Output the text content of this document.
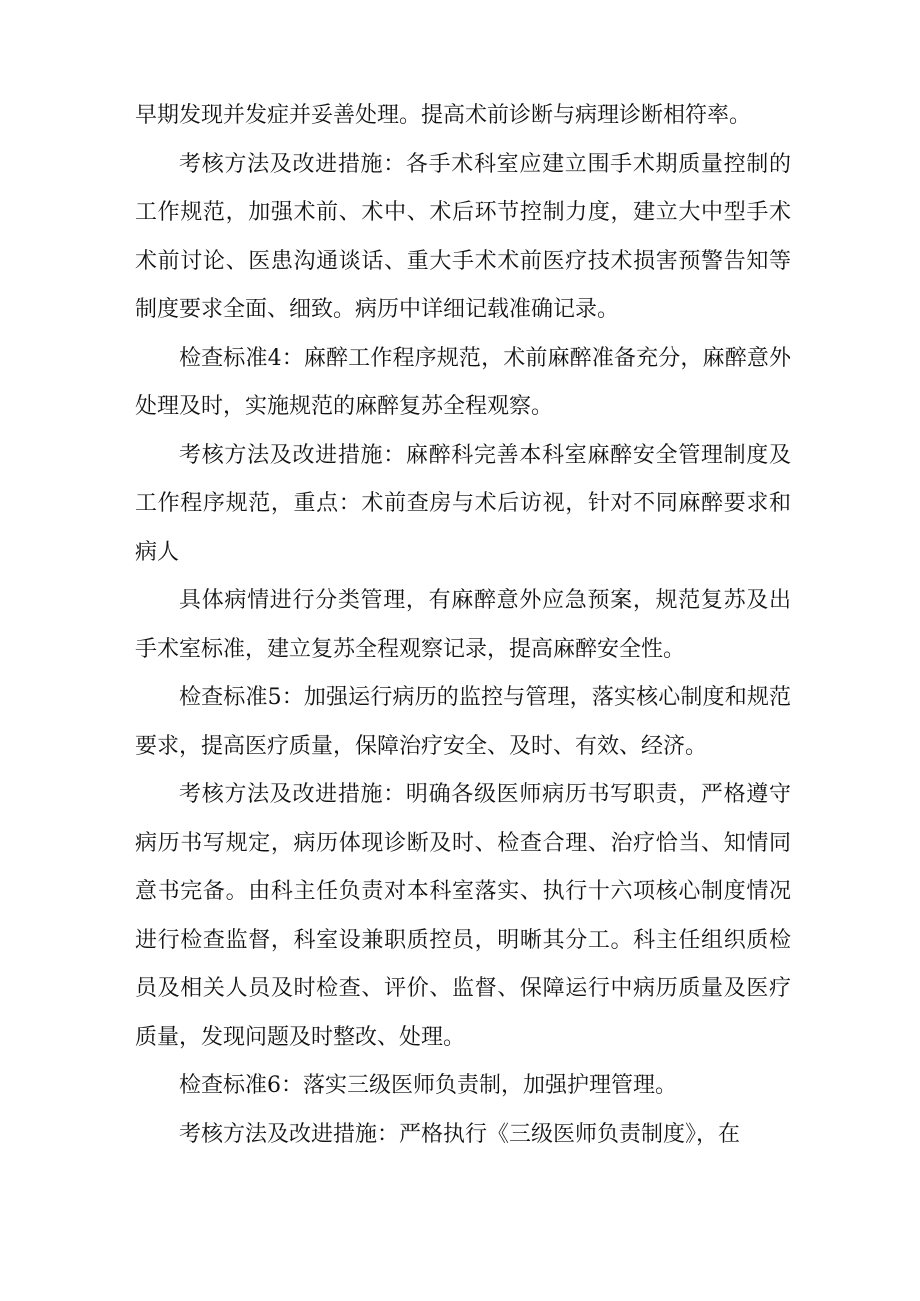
早期发现并发症并妥善处理。提高术前诊断与病理诊断相符率。

考核方法及改进措施：各手术科室应建立围手术期质量控制的工作规范，加强术前、术中、术后环节控制力度，建立大中型手术术前讨论、医患沟通谈话、重大手术术前医疗技术损害预警告知等制度要求全面、细致。病历中详细记载准确记录。

检查标准4：麻醉工作程序规范，术前麻醉准备充分，麻醉意外处理及时，实施规范的麻醉复苏全程观察。

考核方法及改进措施：麻醉科完善本科室麻醉安全管理制度及工作程序规范，重点：术前查房与术后访视，针对不同麻醉要求和病人

具体病情进行分类管理，有麻醉意外应急预案，规范复苏及出手术室标准，建立复苏全程观察记录，提高麻醉安全性。

检查标准5：加强运行病历的监控与管理，落实核心制度和规范要求，提高医疗质量，保障治疗安全、及时、有效、经济。

考核方法及改进措施：明确各级医师病历书写职责，严格遵守病历书写规定，病历体现诊断及时、检查合理、治疗恰当、知情同意书完备。由科主任负责对本科室落实、执行十六项核心制度情况进行检查监督，科室设兼职质控员，明晰其分工。科主任组织质检员及相关人员及时检查、评价、监督、保障运行中病历质量及医疗质量，发现问题及时整改、处理。

检查标准6：落实三级医师负责制，加强护理管理。

考核方法及改进措施：严格执行《三级医师负责制度》，在
